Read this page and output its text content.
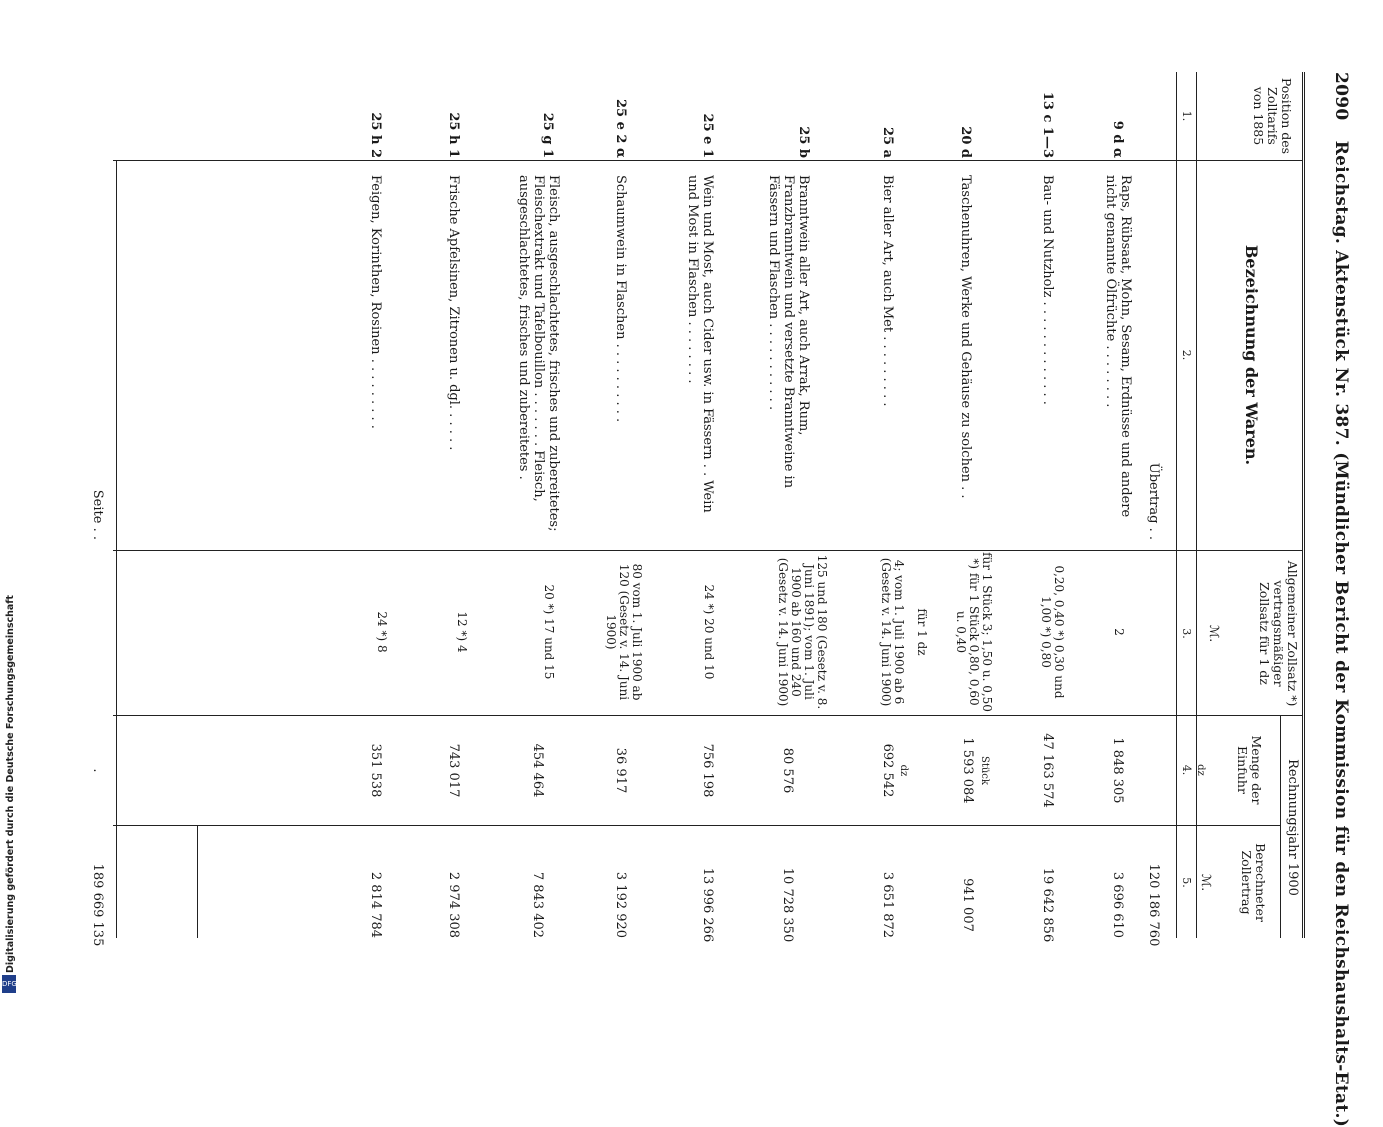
Digitalisierung gefördert durch die Deutsche Forschungsgemeinschaft
DFG
2090 Reichstag. Aktenstück Nr. 387. (Mündlicher Bericht der Kommission für den Reichshaushalts-Etat.)
Position des Zolltarifs von 1885
Bezeichnung der Waren.
Allgemeiner Zollsatz *) vertragsmäßiger Zollsatz für 1 dz
ℳ.
Rechnungsjahr 1900
Menge der Einfuhr
dz
Berechneter Zollertrag
ℳ.
1.
2.
3.
4.
5.
Übertrag . .
120 186 760
9 d α
Raps, Rübsaat, Mohn, Sesam, Erdnüsse und andere nicht genannte Ölfrüchte . . . . . . . .
2
1 848 305
3 696 610
13 c 1—3
Bau- und Nutzholz . . . . . . . . . . . . .
0,20, 0,40 *) 0,30 und 1,00 *) 0,80
47 163 574
19 642 856
20 d
Taschenuhren, Werke und Gehäuse zu solchen . .
für 1 Stück 3; 1,50 u. 0,50 *) für 1 Stück 0,80, 0,60 u. 0,40
Stück
1 593 084
941 007
für 1 dz
25 a
Bier aller Art, auch Met . . . . . . . . .
4; vom 1. Juli 1900 ab 6 (Gesetz v. 14. Juni 1900)
dz
692 542
3 651 872
25 b
Branntwein aller Art, auch Arrak, Rum, Franzbranntwein und versetzte Branntweine in Fässern und Flaschen . . . . . . . . . . .
125 und 180 (Gesetz v. 8. Juni 1891); vom 1. Juli 1900 ab 160 und 240 (Gesetz v. 14. Juni 1900)
80 576
10 728 350
25 e 1
Wein und Most, auch Cider usw. in Fässern . . Wein und Most in Flaschen . . . . . . . .
24 *) 20 und 10
756 198
13 996 266
25 e 2 α
Schaumwein in Flaschen . . . . . . . . . .
80 vom 1. Juli 1900 ab 120 (Gesetz v. 14. Juni 1900)
36 917
3 192 920
25 g 1
Fleisch, ausgeschlachtetes, frisches und zubereitetes; Fleischextrakt und Tafelbouillon . . . . . . . Fleisch, ausgeschlachtetes, frisches und zubereitetes .
20 *) 17 und 15
454 464
7 843 402
25 h 1
Frische Apfelsinen, Zitronen u. dgl. . . . . .
12 *) 4
743 017
2 974 308
25 h 2
Feigen, Korinthen, Rosinen . . . . . . . . .
24 *) 8
351 538
2 814 784
Seite . .
.
189 669 135
